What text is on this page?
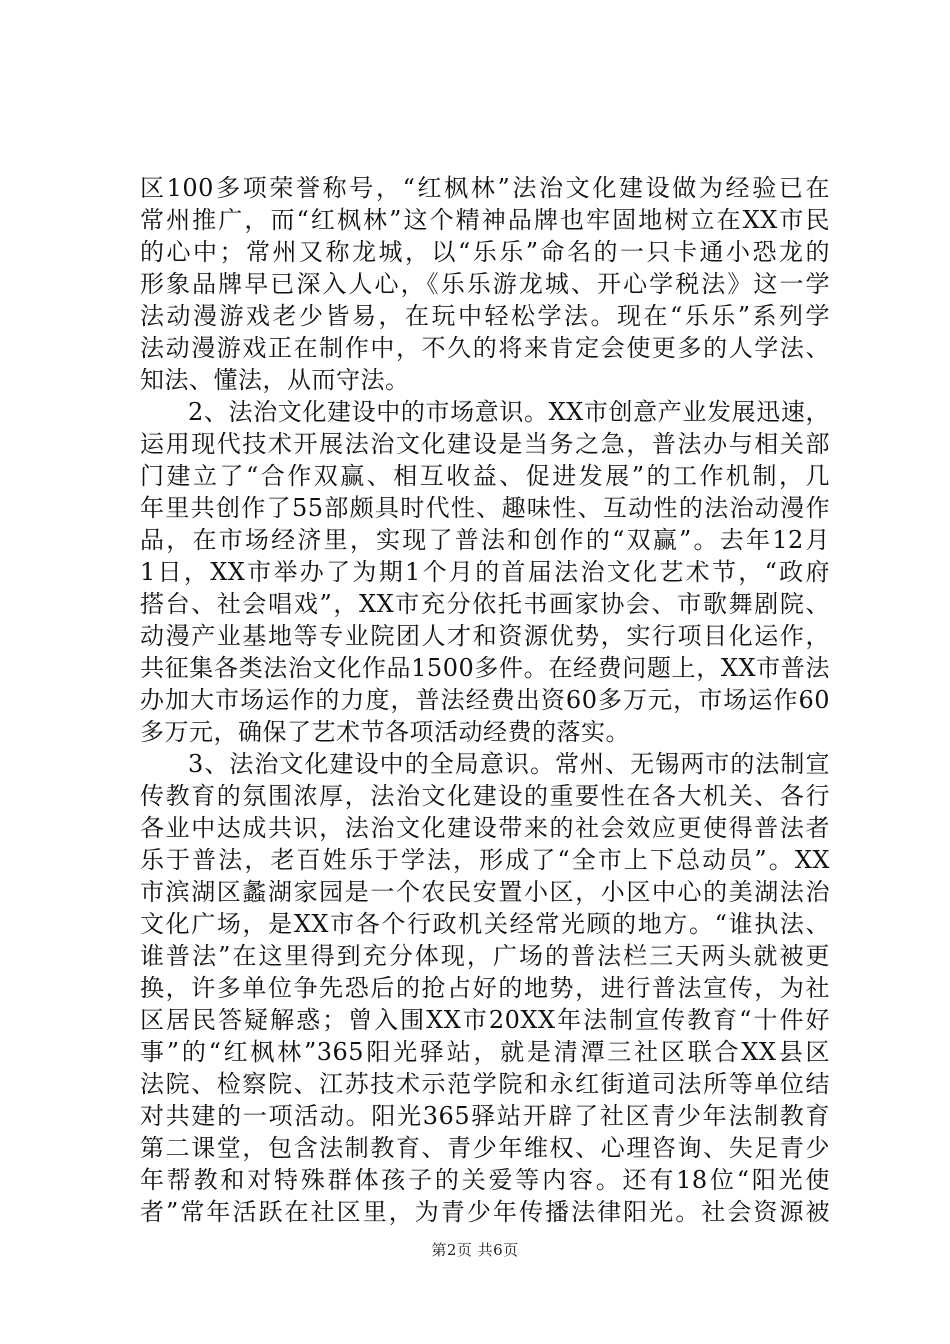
区100多项荣誉称号，“红枫林”法治文化建设做为经验已在
常州推广，而“红枫林”这个精神品牌也牢固地树立在XX市民
的心中；常州又称龙城，以“乐乐”命名的一只卡通小恐龙的
形象品牌早已深入人心，《乐乐游龙城、开心学税法》这一学
法动漫游戏老少皆易，在玩中轻松学法。现在“乐乐”系列学
法动漫游戏正在制作中，不久的将来肯定会使更多的人学法、
知法、懂法，从而守法。
2、法治文化建设中的市场意识。XX市创意产业发展迅速，
运用现代技术开展法治文化建设是当务之急，普法办与相关部
门建立了“合作双赢、相互收益、促进发展”的工作机制，几
年里共创作了55部颇具时代性、趣味性、互动性的法治动漫作
品，在市场经济里，实现了普法和创作的“双赢”。去年12月
1日，XX市举办了为期1个月的首届法治文化艺术节，“政府
搭台、社会唱戏”，XX市充分依托书画家协会、市歌舞剧院、
动漫产业基地等专业院团人才和资源优势，实行项目化运作，
共征集各类法治文化作品1500多件。在经费问题上，XX市普法
办加大市场运作的力度，普法经费出资60多万元，市场运作60
多万元，确保了艺术节各项活动经费的落实。
3、法治文化建设中的全局意识。常州、无锡两市的法制宣
传教育的氛围浓厚，法治文化建设的重要性在各大机关、各行
各业中达成共识，法治文化建设带来的社会效应更使得普法者
乐于普法，老百姓乐于学法，形成了“全市上下总动员”。XX
市滨湖区蠡湖家园是一个农民安置小区，小区中心的美湖法治
文化广场，是XX市各个行政机关经常光顾的地方。“谁执法、
谁普法”在这里得到充分体现，广场的普法栏三天两头就被更
换，许多单位争先恐后的抢占好的地势，进行普法宣传，为社
区居民答疑解惑；曾入围XX市20XX年法制宣传教育“十件好
事”的“红枫林”365阳光驿站，就是清潭三社区联合XX县区
法院、检察院、江苏技术示范学院和永红街道司法所等单位结
对共建的一项活动。阳光365驿站开辟了社区青少年法制教育
第二课堂，包含法制教育、青少年维权、心理咨询、失足青少
年帮教和对特殊群体孩子的关爱等内容。还有18位“阳光使
者”常年活跃在社区里，为青少年传播法律阳光。社会资源被
第2页 共6页
